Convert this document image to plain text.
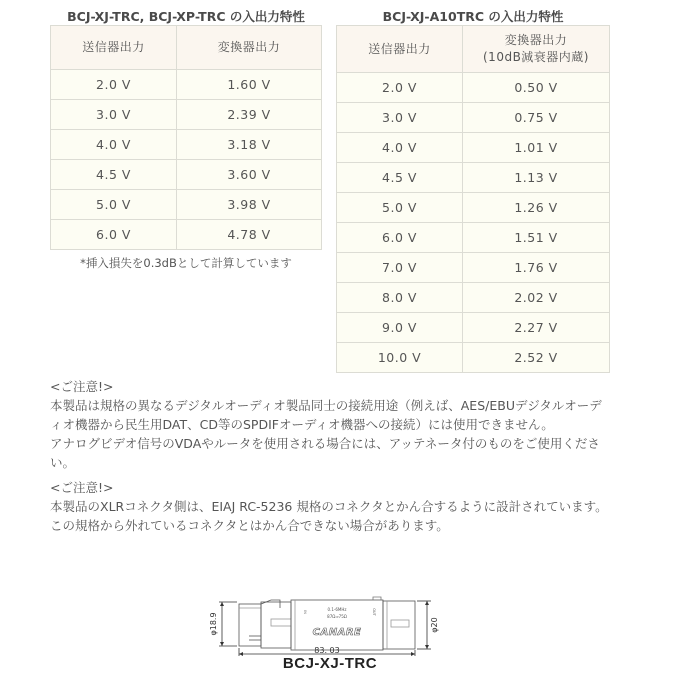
BCJ-XJ-TRC, BCJ-XP-TRC の入出力特性
送信器出力	変換器出力
2.0 V	1.60 V
3.0 V	2.39 V
4.0 V	3.18 V
4.5 V	3.60 V
5.0 V	3.98 V
6.0 V	4.78 V
*挿入損失を0.3dBとして計算しています
BCJ-XJ-A10TRC の入出力特性
送信器出力	変換器出力
(10dB減衰器内蔵)

2.0 V	0.50 V
3.0 V	0.75 V
4.0 V	1.01 V
4.5 V	1.13 V
5.0 V	1.26 V
6.0 V	1.51 V
7.0 V	1.76 V
8.0 V	2.02 V
9.0 V	2.27 V
10.0 V	2.52 V

<ご注意!>

本製品は規格の異なるデジタルオーディオ製品同士の接続用途（例えば、AES/EBUデジタルオーディオ機器から民生用DAT、CD等のSPDIFオーディオ機器への接続）には使用できません。

アナログビデオ信号のVDAやルータを使用される場合には、アッテネータ付のものをご使用ください。

<ご注意!>

本製品のXLRコネクタ側は、EIAJ RC-5236 規格のコネクタとかん合するように設計されています。この規格から外れているコネクタとはかん合できない場合があります。

φ18.9	φ20
83. 03
0.1-6MHz
87Ω⇒75Ω
IN	OUT
CANARE
BCJ-XJ-TRC
